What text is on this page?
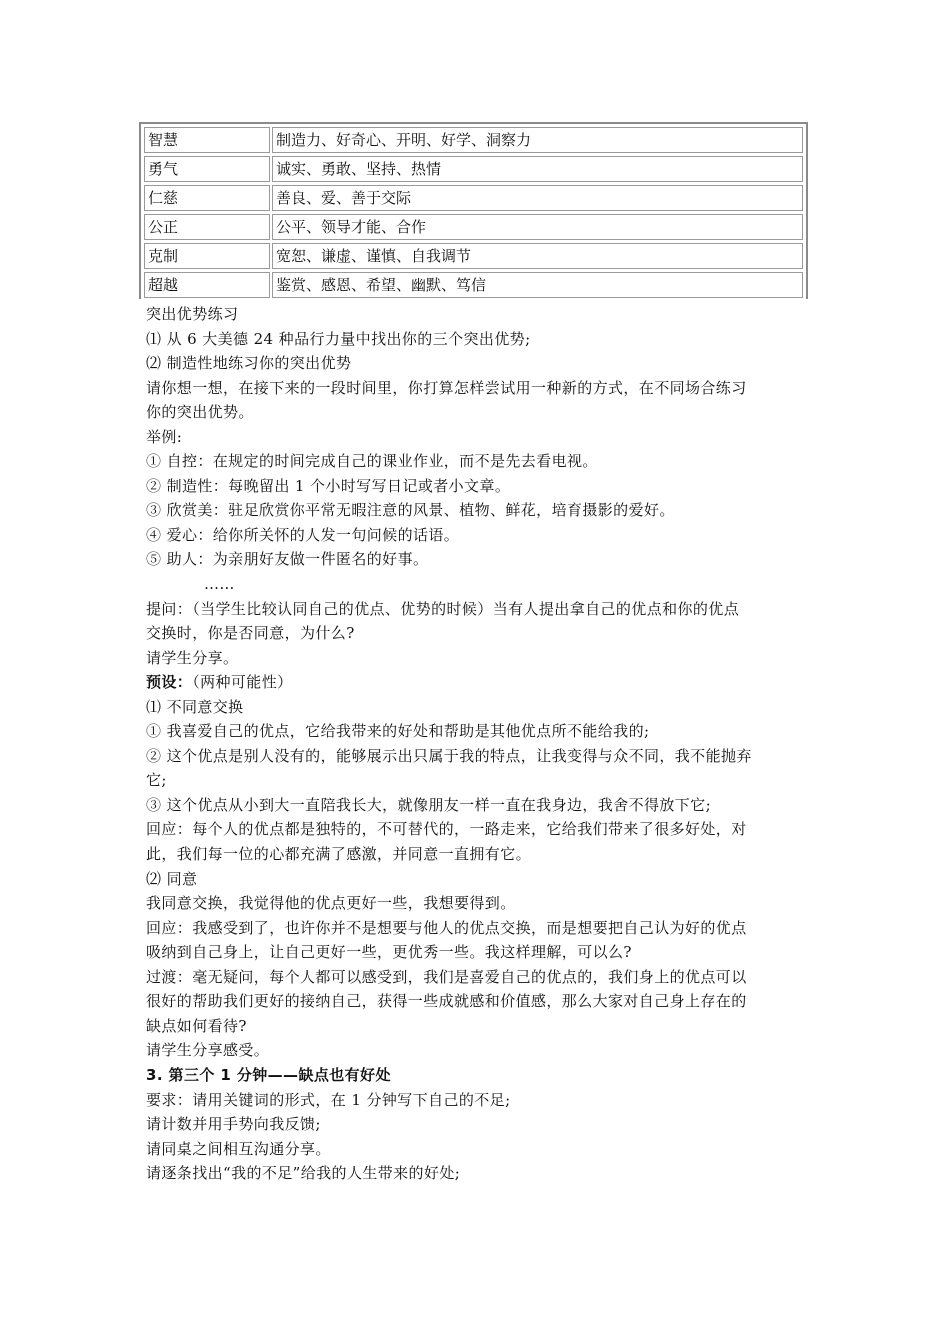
智慧	制造力、好奇心、开明、好学、洞察力
勇气	诚实、勇敢、坚持、热情
仁慈	善良、爱、善于交际
公正	公平、领导才能、合作
克制	宽恕、谦虚、谨慎、自我调节
超越	鉴赏、感恩、希望、幽默、笃信
突出优势练习
⑴ 从 6 大美德 24 种品行力量中找出你的三个突出优势;
⑵ 制造性地练习你的突出优势
请你想一想，在接下来的一段时间里，你打算怎样尝试用一种新的方式，在不同场合练习
你的突出优势。
举例:
① 自控：在规定的时间完成自己的课业作业，而不是先去看电视。
② 制造性：每晚留出 1 个小时写写日记或者小文章。
③ 欣赏美：驻足欣赏你平常无暇注意的风景、植物、鲜花，培育摄影的爱好。
④ 爱心：给你所关怀的人发一句问候的话语。
⑤ 助人：为亲朋好友做一件匿名的好事。
……
提问：（当学生比较认同自己的优点、优势的时候）当有人提出拿自己的优点和你的优点
交换时，你是否同意，为什么?
请学生分享。
预设：（两种可能性）
⑴ 不同意交换
① 我喜爱自己的优点，它给我带来的好处和帮助是其他优点所不能给我的;
② 这个优点是别人没有的，能够展示出只属于我的特点，让我变得与众不同，我不能抛弃
它;
③ 这个优点从小到大一直陪我长大，就像朋友一样一直在我身边，我舍不得放下它;
回应：每个人的优点都是独特的，不可替代的，一路走来，它给我们带来了很多好处，对
此，我们每一位的心都充满了感激，并同意一直拥有它。
⑵ 同意
我同意交换，我觉得他的优点更好一些，我想要得到。
回应：我感受到了，也许你并不是想要与他人的优点交换，而是想要把自己认为好的优点
吸纳到自己身上，让自己更好一些，更优秀一些。我这样理解，可以么?
过渡：毫无疑问，每个人都可以感受到，我们是喜爱自己的优点的，我们身上的优点可以
很好的帮助我们更好的接纳自己，获得一些成就感和价值感，那么大家对自己身上存在的
缺点如何看待?
请学生分享感受。
3. 第三个 1 分钟——缺点也有好处
要求：请用关键词的形式，在 1 分钟写下自己的不足;
请计数并用手势向我反馈;
请同桌之间相互沟通分享。
请逐条找出“我的不足”给我的人生带来的好处;
